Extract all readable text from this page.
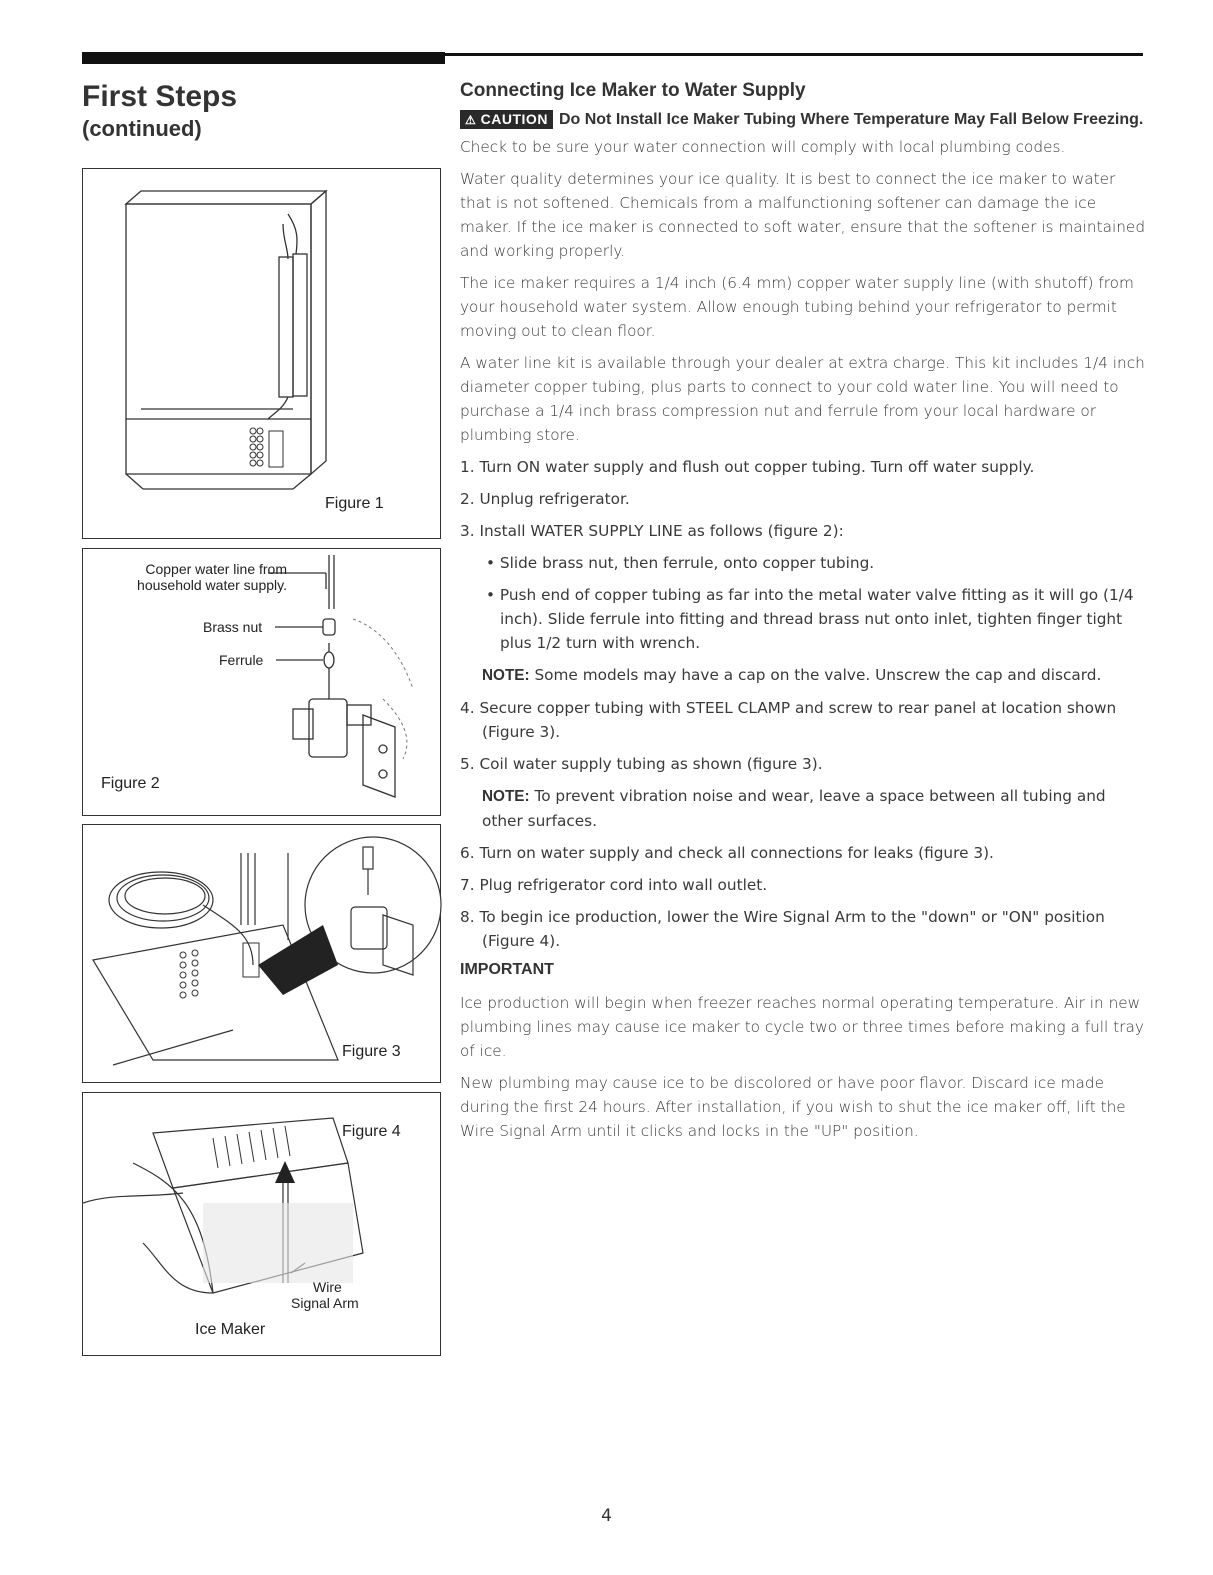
First Steps
(continued)
Figure 1
Copper water line from
household water supply.
Brass nut
Ferrule
Figure 2
Figure 3
Figure 4
Wire
Signal Arm
Ice Maker
Connecting Ice Maker to Water Supply

⚠ CAUTION Do Not Install Ice Maker Tubing Where Temperature May Fall Below Freezing.

Check to be sure your water connection will comply with local plumbing codes.

Water quality determines your ice quality. It is best to connect the ice maker to water that is not softened. Chemicals from a malfunctioning softener can damage the ice maker. If the ice maker is connected to soft water, ensure that the softener is maintained and working properly.

The ice maker requires a 1/4 inch (6.4 mm) copper water supply line (with shutoff) from your household water system. Allow enough tubing behind your refrigerator to permit moving out to clean floor.

A water line kit is available through your dealer at extra charge. This kit includes 1/4 inch diameter copper tubing, plus parts to connect to your cold water line. You will need to purchase a 1/4 inch brass compression nut and ferrule from your local hardware or plumbing store.

1. Turn ON water supply and flush out copper tubing. Turn off water supply.

2. Unplug refrigerator.

3. Install WATER SUPPLY LINE as follows (figure 2):

• Slide brass nut, then ferrule, onto copper tubing.

• Push end of copper tubing as far into the metal water valve fitting as it will go (1/4 inch). Slide ferrule into fitting and thread brass nut onto inlet, tighten finger tight plus 1/2 turn with wrench.

NOTE: Some models may have a cap on the valve. Unscrew the cap and discard.

4. Secure copper tubing with STEEL CLAMP and screw to rear panel at location shown (Figure 3).

5. Coil water supply tubing as shown (figure 3).

NOTE: To prevent vibration noise and wear, leave a space between all tubing and other surfaces.

6. Turn on water supply and check all connections for leaks (figure 3).

7. Plug refrigerator cord into wall outlet.

8. To begin ice production, lower the Wire Signal Arm to the "down" or "ON" position (Figure 4).

IMPORTANT

Ice production will begin when freezer reaches normal operating temperature. Air in new plumbing lines may cause ice maker to cycle two or three times before making a full tray of ice.

New plumbing may cause ice to be discolored or have poor flavor. Discard ice made during the first 24 hours. After installation, if you wish to shut the ice maker off, lift the Wire Signal Arm until it clicks and locks in the "UP" position.

4
